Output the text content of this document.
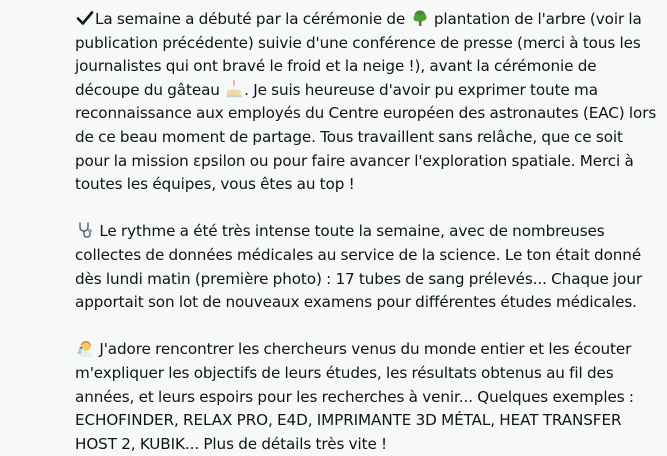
La semaine a débuté par la cérémonie de plantation de l'arbre (voir la publication précédente) suivie d'une conférence de presse (merci à tous les journalistes qui ont bravé le froid et la neige !), avant la cérémonie de découpe du gâteau . Je suis heureuse d'avoir pu exprimer toute ma reconnaissance aux employés du Centre européen des astronautes (EAC) lors de ce beau moment de partage. Tous travaillent sans relâche, que ce soit pour la mission εpsilon ou pour faire avancer l'exploration spatiale. Merci à toutes les équipes, vous êtes au top !

Le rythme a été très intense toute la semaine, avec de nombreuses collectes de données médicales au service de la science. Le ton était donné dès lundi matin (première photo) : 17 tubes de sang prélevés... Chaque jour apportait son lot de nouveaux examens pour différentes études médicales.

J'adore rencontrer les chercheurs venus du monde entier et les écouter m'expliquer les objectifs de leurs études, les résultats obtenus au fil des années, et leurs espoirs pour les recherches à venir... Quelques exemples : ECHOFINDER, RELAX PRO, E4D, IMPRIMANTE 3D MÉTAL, HEAT TRANSFER HOST 2, KUBIK... Plus de détails très vite !
